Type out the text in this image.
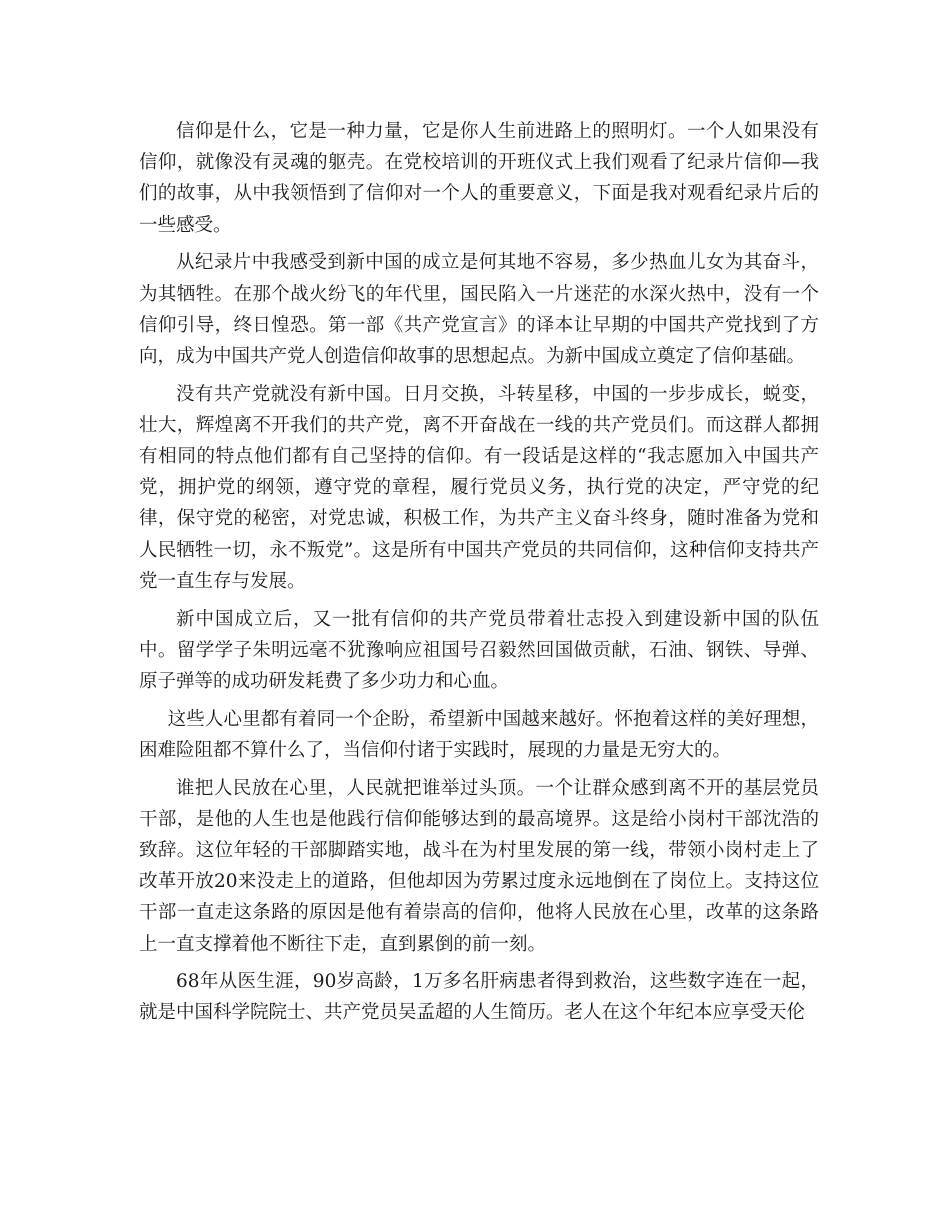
信仰是什么，它是一种力量，它是你人生前进路上的照明灯。一个人如果没有信仰，就像没有灵魂的躯壳。在党校培训的开班仪式上我们观看了纪录片信仰—我们的故事，从中我领悟到了信仰对一个人的重要意义，下面是我对观看纪录片后的一些感受。

从纪录片中我感受到新中国的成立是何其地不容易，多少热血儿女为其奋斗，为其牺牲。在那个战火纷飞的年代里，国民陷入一片迷茫的水深火热中，没有一个信仰引导，终日惶恐。第一部《共产党宣言》的译本让早期的中国共产党找到了方向，成为中国共产党人创造信仰故事的思想起点。为新中国成立奠定了信仰基础。

没有共产党就没有新中国。日月交换，斗转星移，中国的一步步成长，蜕变，壮大，辉煌离不开我们的共产党，离不开奋战在一线的共产党员们。而这群人都拥有相同的特点他们都有自己坚持的信仰。有一段话是这样的“我志愿加入中国共产党，拥护党的纲领，遵守党的章程，履行党员义务，执行党的决定，严守党的纪律，保守党的秘密，对党忠诚，积极工作，为共产主义奋斗终身，随时准备为党和人民牺牲一切，永不叛党”。这是所有中国共产党员的共同信仰，这种信仰支持共产党一直生存与发展。

新中国成立后，又一批有信仰的共产党员带着壮志投入到建设新中国的队伍中。留学学子朱明远毫不犹豫响应祖国号召毅然回国做贡献，石油、钢铁、导弹、原子弹等的成功研发耗费了多少功力和心血。

这些人心里都有着同一个企盼，希望新中国越来越好。怀抱着这样的美好理想，困难险阻都不算什么了，当信仰付诸于实践时，展现的力量是无穷大的。

谁把人民放在心里，人民就把谁举过头顶。一个让群众感到离不开的基层党员干部，是他的人生也是他践行信仰能够达到的最高境界。这是给小岗村干部沈浩的致辞。这位年轻的干部脚踏实地，战斗在为村里发展的第一线，带领小岗村走上了改革开放20来没走上的道路，但他却因为劳累过度永远地倒在了岗位上。支持这位干部一直走这条路的原因是他有着崇高的信仰，他将人民放在心里，改革的这条路上一直支撑着他不断往下走，直到累倒的前一刻。

68年从医生涯，90岁高龄，1万多名肝病患者得到救治，这些数字连在一起，就是中国科学院院士、共产党员吴孟超的人生简历。老人在这个年纪本应享受天伦
